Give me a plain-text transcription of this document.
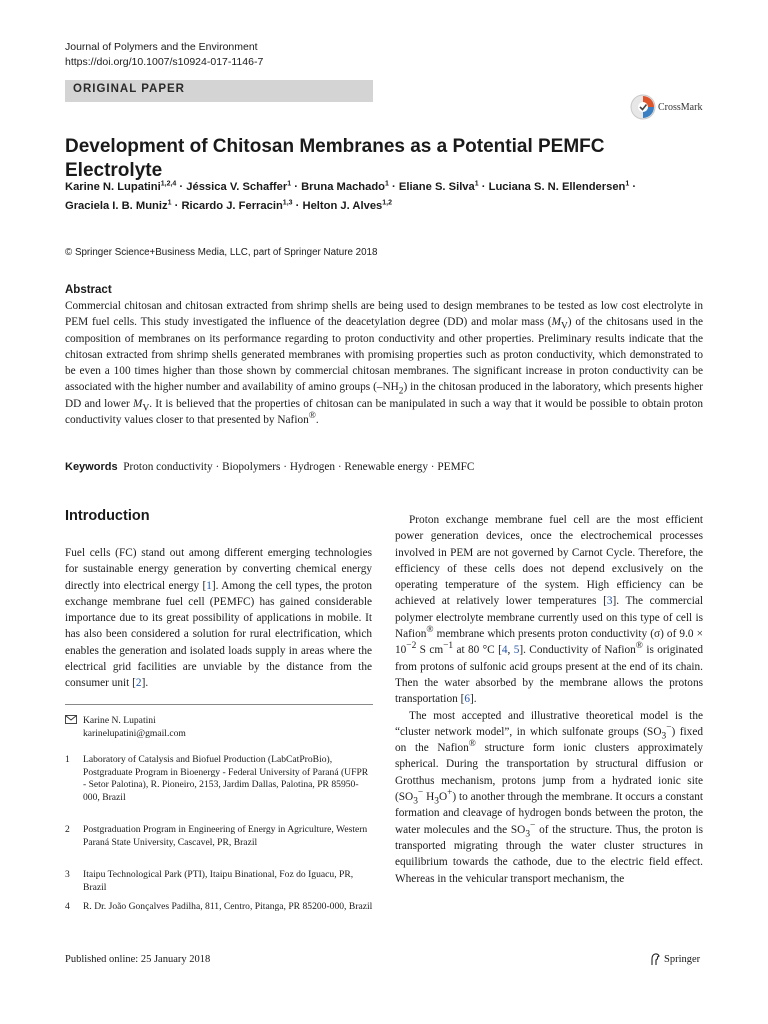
Journal of Polymers and the Environment
https://doi.org/10.1007/s10924-017-1146-7
ORIGINAL PAPER
CrossMark
Development of Chitosan Membranes as a Potential PEMFC Electrolyte
Karine N. Lupatini$^{1,2,4}$ · Jéssica V. Schaffer$^1$ · Bruna Machado$^1$ · Eliane S. Silva$^1$ · Luciana S. N. Ellendersen$^1$ ·
Graciela I. B. Muniz$^1$ · Ricardo J. Ferracin$^{1,3}$ · Helton J. Alves$^{1,2}$
© Springer Science+Business Media, LLC, part of Springer Nature 2018
Abstract
Commercial chitosan and chitosan extracted from shrimp shells are being used to design membranes to be tested as low cost electrolyte in PEM fuel cells. This study investigated the influence of the deacetylation degree (DD) and molar mass $(M_V)$ of the chitosans used in the composition of membranes on its performance regarding to proton conductivity and other properties. Preliminary results indicate that the chitosan extracted from shrimp shells generated membranes with promising properties such as proton conductivity, which demonstrated to be even a 100 times higher than those shown by commercial chitosan membranes. The significant increase in proton conductivity can be associated with the higher number and availability of amino groups $(-NH_2)$ in the chitosan produced in the laboratory, which presents higher DD and lower $M_V$. It is believed that the properties of chitosan can be manipulated in such a way that it would be possible to obtain proton conductivity values closer to that presented by Nafion®.
Keywords Proton conductivity · Biopolymers · Hydrogen · Renewable energy · PEMFC
Introduction
Fuel cells (FC) stand out among different emerging technologies for sustainable energy generation by converting chemical energy directly into electrical energy [1]. Among the cell types, the proton exchange membrane fuel cell (PEMFC) has gained considerable importance due to its great possibility of applications in mobile. It has also been considered a solution for rural electrification, which enables the generation and isolated loads supply in areas where the electrical grid facilities are unviable by the distance from the consumer unit [2].

Proton exchange membrane fuel cell are the most efficient power generation devices, once the electrochemical processes involved in PEM are not governed by Carnot Cycle. Therefore, the efficiency of these cells does not depend exclusively on the operating temperature of the system. High efficiency can be achieved at relatively lower temperatures [3]. The commercial polymer electrolyte membrane currently used on this type of cell is Nafion® membrane which presents proton conductivity (σ) of $9.0 \times 10^{-2}$ S $cm^{-1}$ at 80 °C [4, 5]. Conductivity of Nafion® is originated from protons of sulfonic acid groups present at the end of its chain. Then the water absorbed by the membrane allows the protons transportation [6].

The most accepted and illustrative theoretical model is the “cluster network model”, in which sulfonate groups $(SO_3^-)$ fixed on the Nafion® structure form ionic clusters approximately spherical. During the transportation by structural diffusion or Grotthus mechanism, protons jump from a hydrated ionic site ($SO_3^-$ $H_3O^+$) to another through the membrane. It occurs a constant formation and cleavage of hydrogen bonds between the proton, the water molecules and the $SO_3^-$ of the structure. Thus, the proton is transported migrating through the water cluster structures in equilibrium towards the cathode, due to the electric field effect. Whereas in the vehicular transport mechanism, the

Karine N. Lupatini
karinelupatini@gmail.com
1 Laboratory of Catalysis and Biofuel Production (LabCatProBio), Postgraduate Program in Bioenergy - Federal University of Paraná (UFPR - Setor Palotina), R. Pioneiro, 2153, Jardim Dallas, Palotina, PR 85950-000, Brazil
2 Postgraduation Program in Engineering of Energy in Agriculture, Western Paraná State University, Cascavel, PR, Brazil
3 Itaipu Technological Park (PTI), Itaipu Binational, Foz do Iguacu, PR, Brazil
4 R. Dr. João Gonçalves Padilha, 811, Centro, Pitanga, PR 85200-000, Brazil
Published online: 25 January 2018	Springer
